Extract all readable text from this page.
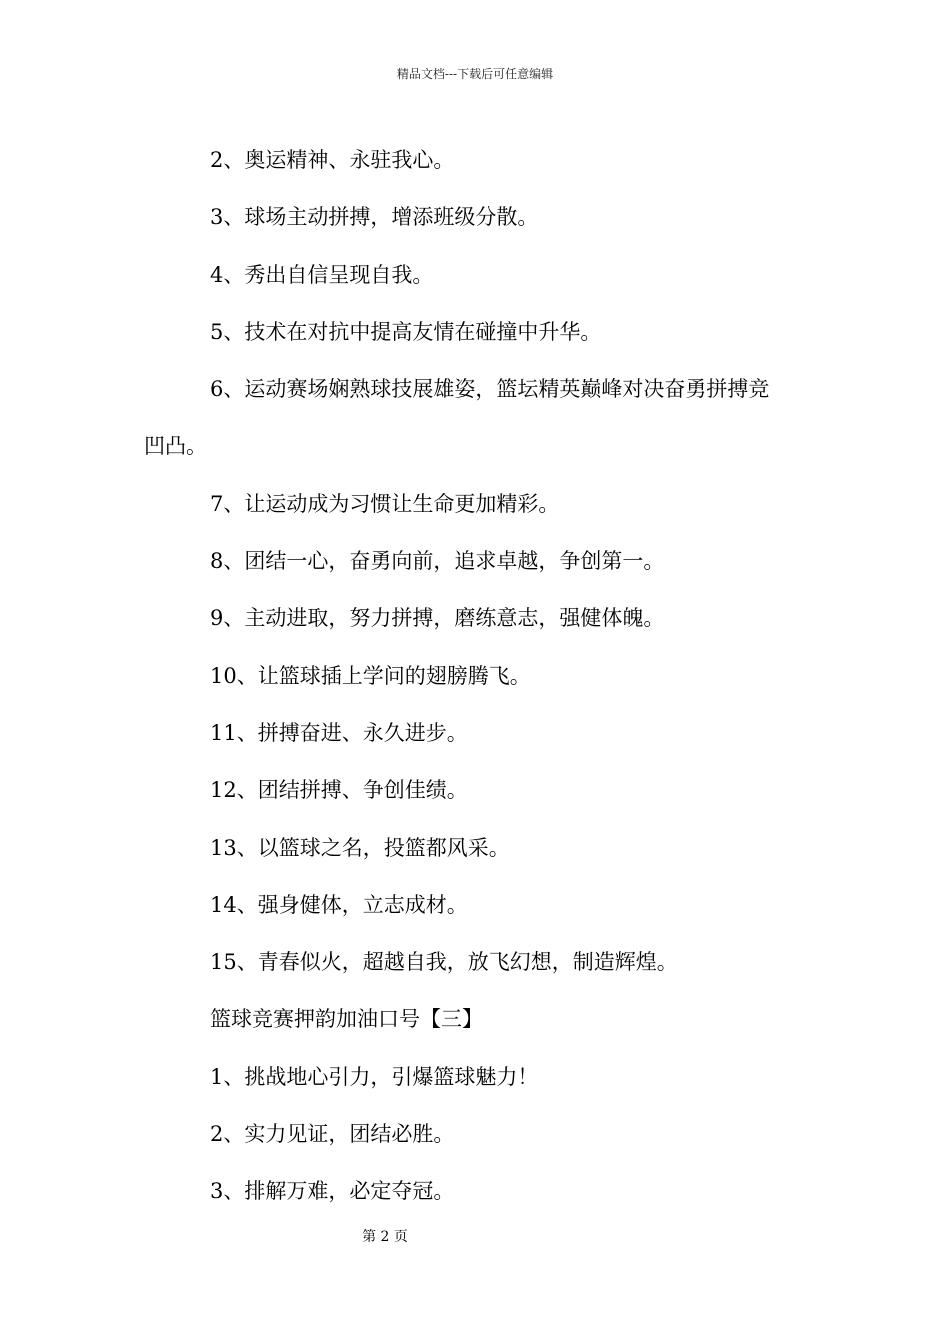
精品文档---下载后可任意编辑

2、奥运精神、永驻我心。

3、球场主动拼搏，增添班级分散。

4、秀出自信呈现自我。

5、技术在对抗中提高友情在碰撞中升华。

6、运动赛场娴熟球技展雄姿，篮坛精英巅峰对决奋勇拼搏竞
凹凸。

7、让运动成为习惯让生命更加精彩。

8、团结一心，奋勇向前，追求卓越，争创第一。

9、主动进取，努力拼搏，磨练意志，强健体魄。

10、让篮球插上学问的翅膀腾飞。

11、拼搏奋进、永久进步。

12、团结拼搏、争创佳绩。

13、以篮球之名，投篮都风采。

14、强身健体，立志成材。

15、青春似火，超越自我，放飞幻想，制造辉煌。

篮球竞赛押韵加油口号【三】

1、挑战地心引力，引爆篮球魅力！

2、实力见证，团结必胜。

3、排解万难，必定夺冠。

第 2 页
